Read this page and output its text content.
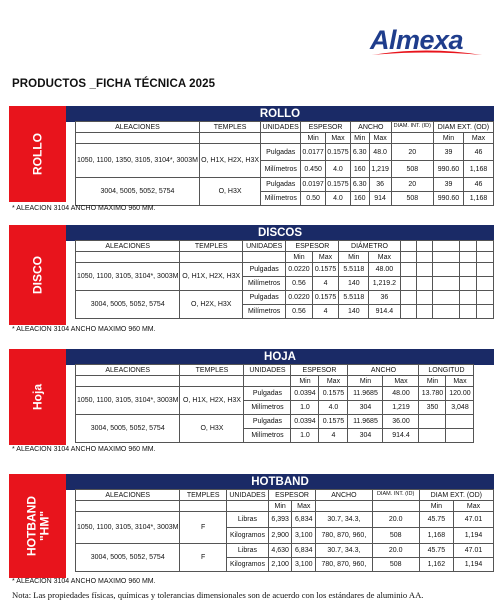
Almexa
PRODUCTOS _FICHA TÉCNICA 2025
ROLLO
ROLLO
ALEACIONES	TEMPLES	UNIDADES	ESPESOR		ANCHO		DIAM. INT. (ID)	DIAM EXT. (OD)	
			Min	Max	Min	Max		Min	Max
1050, 1100, 1350, 3105, 3104*, 3003M	O, H1X, H2X, H3X	Pulgadas	0.0177	0.1575	6.30	48.0	20	39	46
		Milímetros	0.450	4.0	160	1,219	508	990.60	1,168
3004, 5005, 5052, 5754	O, H3X	Pulgadas	0.0197	0.1575	6.30	36	20	39	46
		Milímetros	0.50	4.0	160	914	508	990.60	1,168
* ALEACION 3104 ANCHO MAXIMO 960 MM.
DISCO
DISCOS
ALEACIONES	TEMPLES	UNIDADES	ESPESOR		DIÁMETRO						
			Min	Max	Min	Max					
1050, 1100, 3105, 3104*, 3003M	O, H1X, H2X, H3X	Pulgadas	0.0220	0.1575	5.5118	48.00					
		Milímetros	0.56	4	140	1,219.2					
3004, 5005, 5052, 5754	O, H2X, H3X	Pulgadas	0.0220	0.1575	5.5118	36					
		Milímetros	0.56	4	140	914.4					
* ALEACION 3104 ANCHO MAXIMO 960 MM.
Hoja
HOJA
ALEACIONES	TEMPLES	UNIDADES	ESPESOR		ANCHO		LONGITUD	
			Min	Max	Min	Max	Min	Max
1050, 1100, 3105, 3104*, 3003M	O, H1X, H2X, H3X	Pulgadas	0.0394	0.1575	11.9685	48.00	13.780	120.00
		Milímetros	1.0	4.0	304	1,219	350	3,048
3004, 5005, 5052, 5754	O, H3X	Pulgadas	0.0394	0.1575	11.9685	36.00		
		Milímetros	1.0	4	304	914.4		
* ALEACION 3104 ANCHO MAXIMO 960 MM.
HOTBAND
"HM"
HOTBAND
ALEACIONES	TEMPLES	UNIDADES	ESPESOR		ANCHO	DIAM. INT. (ID)	DIAM EXT. (OD)	
			Min	Max			Min	Max
1050, 1100, 3105, 3104*, 3003M	F	Libras	6,393	6,834	30.7, 34.3,	20.0	45.75	47.01
		Kilogramos	2,900	3,100	780, 870, 960,	508	1,168	1,194
3004, 5005, 5052, 5754	F	Libras	4,630	6,834	30.7, 34.3,	20.0	45.75	47.01
		Kilogramos	2,100	3,100	780, 870, 960,	508	1,162	1,194
* ALEACION 3104 ANCHO MAXIMO 960 MM.
Nota: Las propiedades físicas, químicas y tolerancias dimensionales son de acuerdo con los estándares de aluminio AA.
